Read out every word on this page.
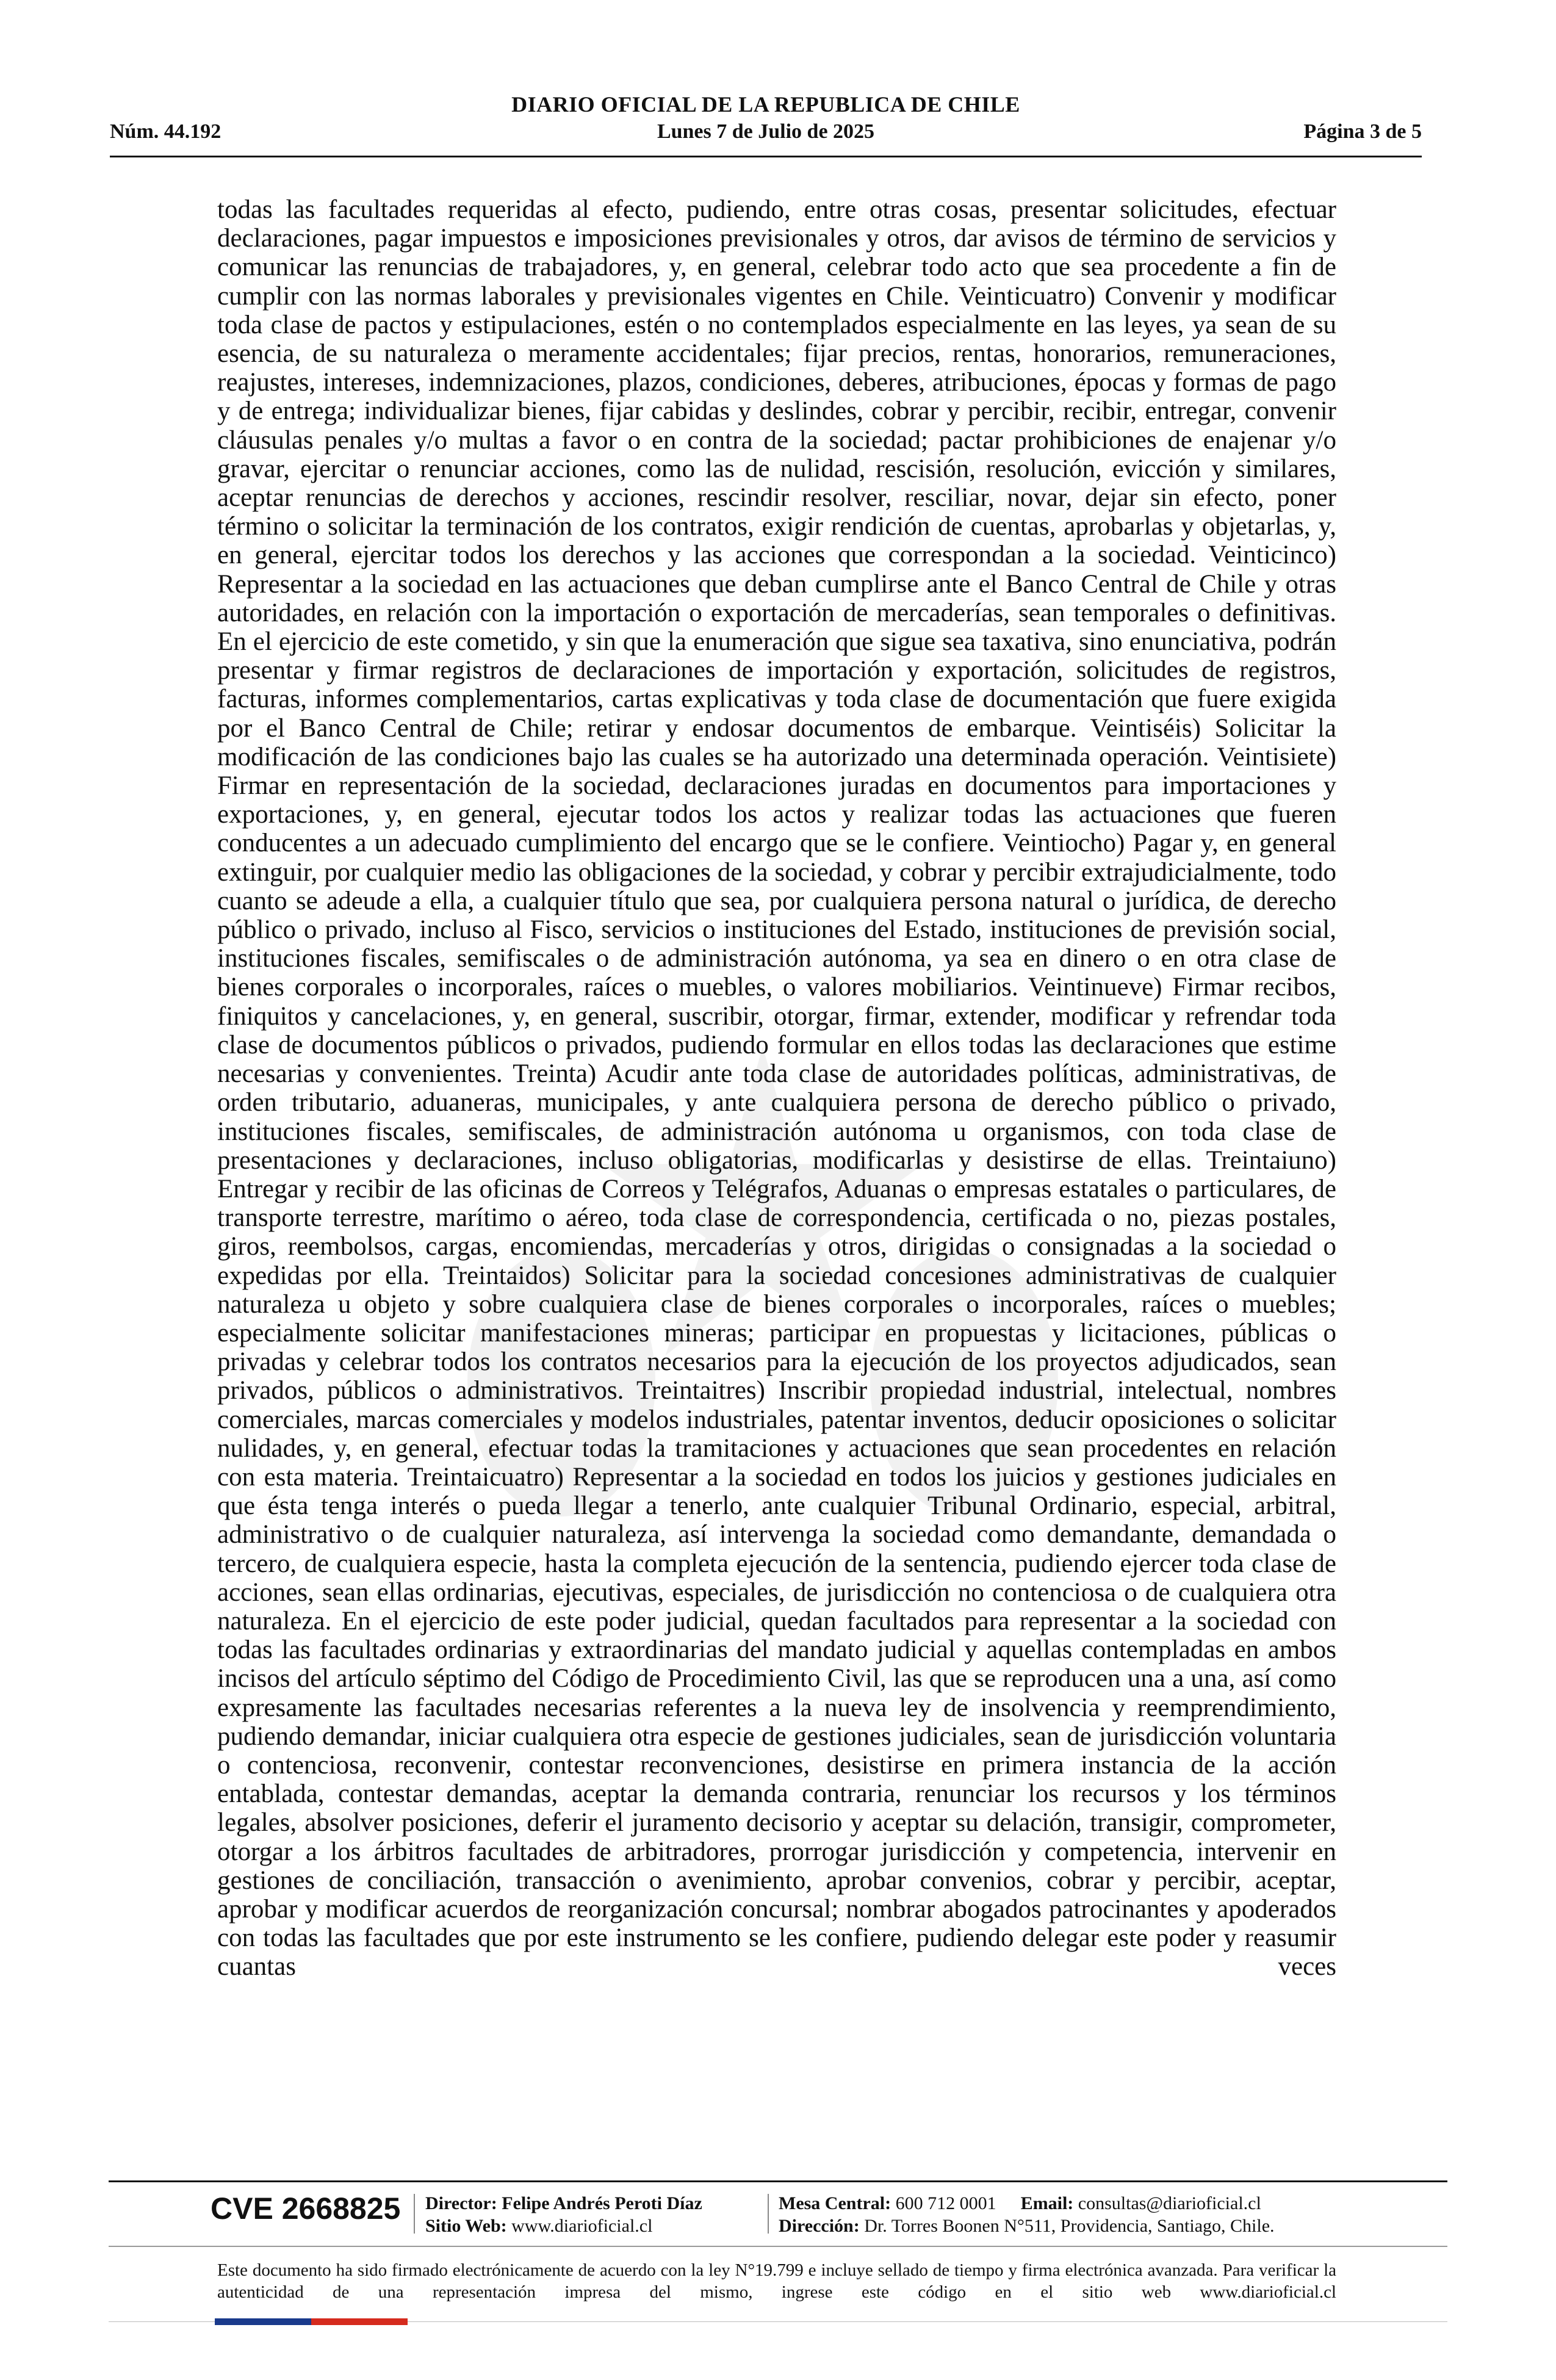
DIARIO OFICIAL DE LA REPUBLICA DE CHILE
Núm. 44.192	Lunes 7 de Julio de 2025	Página 3 de 5
todas las facultades requeridas al efecto, pudiendo, entre otras cosas, presentar solicitudes, efectuar declaraciones, pagar impuestos e imposiciones previsionales y otros, dar avisos de término de servicios y comunicar las renuncias de trabajadores, y, en general, celebrar todo acto que sea procedente a fin de cumplir con las normas laborales y previsionales vigentes en Chile. Veinticuatro) Convenir y modificar toda clase de pactos y estipulaciones, estén o no contemplados especialmente en las leyes, ya sean de su esencia, de su naturaleza o meramente accidentales; fijar precios, rentas, honorarios, remuneraciones, reajustes, intereses, indemnizaciones, plazos, condiciones, deberes, atribuciones, épocas y formas de pago y de entrega; individualizar bienes, fijar cabidas y deslindes, cobrar y percibir, recibir, entregar, convenir cláusulas penales y/o multas a favor o en contra de la sociedad; pactar prohibiciones de enajenar y/o gravar, ejercitar o renunciar acciones, como las de nulidad, rescisión, resolución, evicción y similares, aceptar renuncias de derechos y acciones, rescindir resolver, resciliar, novar, dejar sin efecto, poner término o solicitar la terminación de los contratos, exigir rendición de cuentas, aprobarlas y objetarlas, y, en general, ejercitar todos los derechos y las acciones que correspondan a la sociedad. Veinticinco) Representar a la sociedad en las actuaciones que deban cumplirse ante el Banco Central de Chile y otras autoridades, en relación con la importación o exportación de mercaderías, sean temporales o definitivas. En el ejercicio de este cometido, y sin que la enumeración que sigue sea taxativa, sino enunciativa, podrán presentar y firmar registros de declaraciones de importación y exportación, solicitudes de registros, facturas, informes complementarios, cartas explicativas y toda clase de documentación que fuere exigida por el Banco Central de Chile; retirar y endosar documentos de embarque. Veintiséis) Solicitar la modificación de las condiciones bajo las cuales se ha autorizado una determinada operación. Veintisiete) Firmar en representación de la sociedad, declaraciones juradas en documentos para importaciones y exportaciones, y, en general, ejecutar todos los actos y realizar todas las actuaciones que fueren conducentes a un adecuado cumplimiento del encargo que se le confiere. Veintiocho) Pagar y, en general extinguir, por cualquier medio las obligaciones de la sociedad, y cobrar y percibir extrajudicialmente, todo cuanto se adeude a ella, a cualquier título que sea, por cualquiera persona natural o jurídica, de derecho público o privado, incluso al Fisco, servicios o instituciones del Estado, instituciones de previsión social, instituciones fiscales, semifiscales o de administración autónoma, ya sea en dinero o en otra clase de bienes corporales o incorporales, raíces o muebles, o valores mobiliarios. Veintinueve) Firmar recibos, finiquitos y cancelaciones, y, en general, suscribir, otorgar, firmar, extender, modificar y refrendar toda clase de documentos públicos o privados, pudiendo formular en ellos todas las declaraciones que estime necesarias y convenientes. Treinta) Acudir ante toda clase de autoridades políticas, administrativas, de orden tributario, aduaneras, municipales, y ante cualquiera persona de derecho público o privado, instituciones fiscales, semifiscales, de administración autónoma u organismos, con toda clase de presentaciones y declaraciones, incluso obligatorias, modificarlas y desistirse de ellas. Treintaiuno) Entregar y recibir de las oficinas de Correos y Telégrafos, Aduanas o empresas estatales o particulares, de transporte terrestre, marítimo o aéreo, toda clase de correspondencia, certificada o no, piezas postales, giros, reembolsos, cargas, encomiendas, mercaderías y otros, dirigidas o consignadas a la sociedad o expedidas por ella. Treintaidos) Solicitar para la sociedad concesiones administrativas de cualquier naturaleza u objeto y sobre cualquiera clase de bienes corporales o incorporales, raíces o muebles; especialmente solicitar manifestaciones mineras; participar en propuestas y licitaciones, públicas o privadas y celebrar todos los contratos necesarios para la ejecución de los proyectos adjudicados, sean privados, públicos o administrativos. Treintaitres) Inscribir propiedad industrial, intelectual, nombres comerciales, marcas comerciales y modelos industriales, patentar inventos, deducir oposiciones o solicitar nulidades, y, en general, efectuar todas la tramitaciones y actuaciones que sean procedentes en relación con esta materia. Treintaicuatro) Representar a la sociedad en todos los juicios y gestiones judiciales en que ésta tenga interés o pueda llegar a tenerlo, ante cualquier Tribunal Ordinario, especial, arbitral, administrativo o de cualquier naturaleza, así intervenga la sociedad como demandante, demandada o tercero, de cualquiera especie, hasta la completa ejecución de la sentencia, pudiendo ejercer toda clase de acciones, sean ellas ordinarias, ejecutivas, especiales, de jurisdicción no contenciosa o de cualquiera otra naturaleza. En el ejercicio de este poder judicial, quedan facultados para representar a la sociedad con todas las facultades ordinarias y extraordinarias del mandato judicial y aquellas contempladas en ambos incisos del artículo séptimo del Código de Procedimiento Civil, las que se reproducen una a una, así como expresamente las facultades necesarias referentes a la nueva ley de insolvencia y reemprendimiento, pudiendo demandar, iniciar cualquiera otra especie de gestiones judiciales, sean de jurisdicción voluntaria o contenciosa, reconvenir, contestar reconvenciones, desistirse en primera instancia de la acción entablada, contestar demandas, aceptar la demanda contraria, renunciar los recursos y los términos legales, absolver posiciones, deferir el juramento decisorio y aceptar su delación, transigir, comprometer, otorgar a los árbitros facultades de arbitradores, prorrogar jurisdicción y competencia, intervenir en gestiones de conciliación, transacción o avenimiento, aprobar convenios, cobrar y percibir, aceptar, aprobar y modificar acuerdos de reorganización concursal; nombrar abogados patrocinantes y apoderados con todas las facultades que por este instrumento se les confiere, pudiendo delegar este poder y reasumir cuantas veces
CVE 2668825 Director: Felipe Andrés Peroti Díaz
Sitio Web: www.diarioficial.cl
Mesa Central: 600 712 0001 Email: consultas@diarioficial.cl
Dirección: Dr. Torres Boonen N°511, Providencia, Santiago, Chile.
Este documento ha sido firmado electrónicamente de acuerdo con la ley N°19.799 e incluye sellado de tiempo y firma electrónica avanzada. Para verificar la autenticidad de una representación impresa del mismo, ingrese este código en el sitio web www.diarioficial.cl
